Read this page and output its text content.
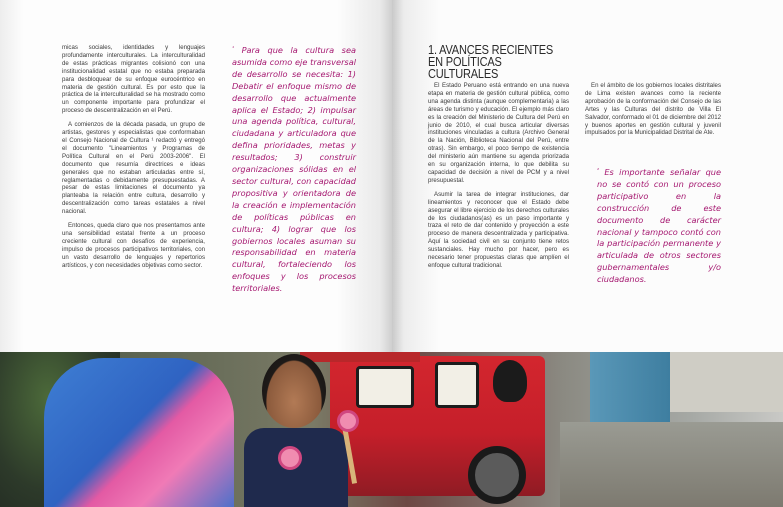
micas sociales, identidades y lenguajes profundamente interculturales. La interculturalidad de estas prácticas migrantes colisionó con una institucionalidad estatal que no estaba preparada para desbloquear de su enfoque eurocéntrico en materia de gestión cultural. Es por esto que la práctica de la interculturalidad se ha mostrado como un componente importante para profundizar el proceso de descentralización en el Perú.

A comienzos de la década pasada, un grupo de artistas, gestores y especialistas que conformaban el Consejo Nacional de Cultura ¹ redactó y entregó el documento "Lineamientos y Programas de Política Cultural en el Perú 2003-2006". El documento que resumía directrices e ideas generales que no estaban articuladas entre sí, reglamentadas o debidamente presupuestadas. A pesar de estas limitaciones el documento ya planteaba la relación entre cultura, desarrollo y descentralización como tareas estatales a nivel nacional.

Entonces, queda claro que nos presentamos ante una sensibilidad estatal frente a un proceso creciente cultural con desafíos de experiencia, impulso de procesos participativos territoriales, con un vasto desarrollo de lenguajes y repertorios artísticos, y con necesidades objetivas como sector.

$^{^1}$ Para que la cultura sea asumida como eje transversal de desarrollo se necesita: 1) Debatir el enfoque mismo de desarrollo que actualmente aplica el Estado; 2) impulsar una agenda política, cultural, ciudadana y articuladora que defina prioridades, metas y resultados; 3) construir organizaciones sólidas en el sector cultural, con capacidad propositiva y orientadora de la creación e implementación de políticas públicas en cultura; 4) lograr que los gobiernos locales asuman su responsabilidad en materia cultural, fortaleciendo los enfoques y los procesos territoriales.
1. AVANCES RECIENTES EN POLÍTICAS CULTURALES

El Estado Peruano está entrando en una nueva etapa en materia de gestión cultural pública, como una agenda distinta (aunque complementaria) a las áreas de turismo y educación. El ejemplo más claro es la creación del Ministerio de Cultura del Perú en junio de 2010, el cual busca articular diversas instituciones vinculadas a cultura (Archivo General de la Nación, Biblioteca Nacional del Perú, entre otras). Sin embargo, el poco tiempo de existencia del ministerio aún mantiene su agenda priorizada en su organización interna, lo que debilita su capacidad de decisión a nivel de PCM y a nivel presupuestal.

Asumir la tarea de integrar instituciones, dar lineamientos y reconocer que el Estado debe asegurar el libre ejercicio de los derechos culturales de los ciudadanos(as) es un paso importante y traza el reto de dar contenido y proyección a este proceso de manera descentralizada y participativa. Aquí la sociedad civil en su conjunto tiene retos sustanciales. Hay mucho por hacer, pero es necesario tener propuestas claras que amplíen el enfoque cultural tradicional.

En el ámbito de los gobiernos locales distritales de Lima existen avances como la reciente aprobación de la conformación del Consejo de las Artes y las Culturas del distrito de Villa El Salvador, conformado el 01 de diciembre del 2012 y buenos aportes en gestión cultural y juvenil impulsados por la Municipalidad Distrital de Ate.

$^{^2}$ Es importante señalar que no se contó con un proceso participativo en la construcción de este documento de carácter nacional y tampoco contó con la participación permanente y articulada de otros sectores gubernamentales y/o ciudadanos.
